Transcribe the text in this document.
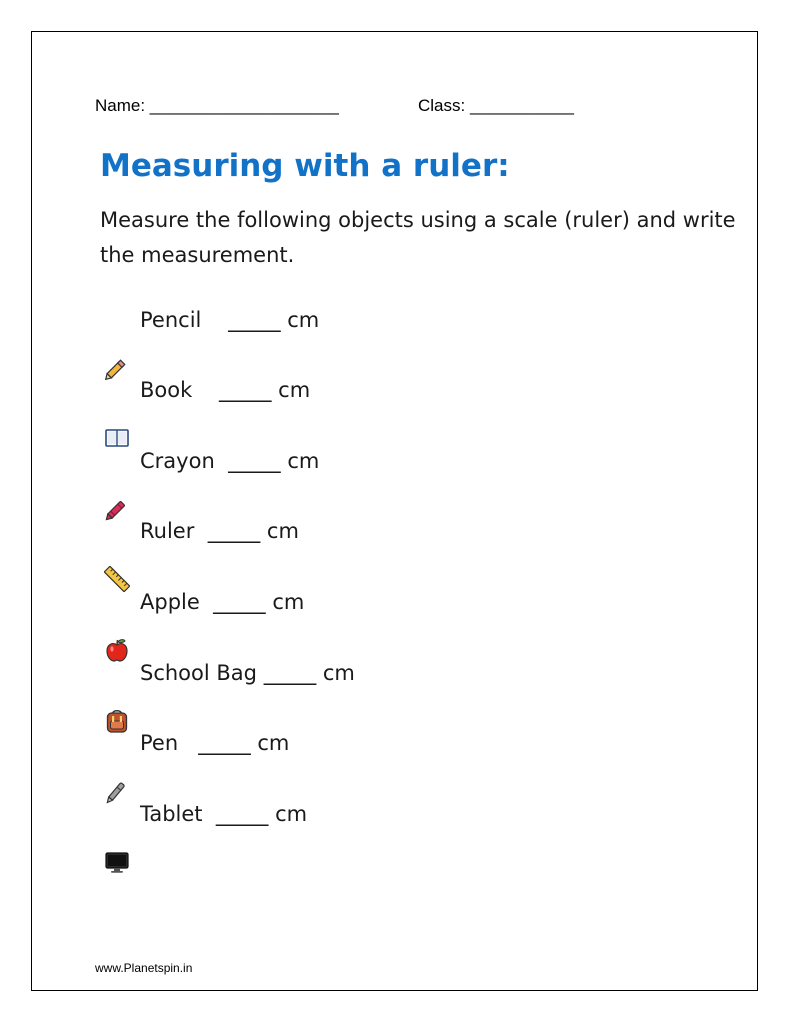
Name: ____________________	Class: ___________
Measuring with a ruler:
Measure the following objects using a scale (ruler) and write the measurement.

Pencil
_____
cm

Book
_____
cm

Crayon
_____
cm

Ruler
_____
cm

Apple
_____
cm

School Bag
_____
cm

Pen
_____
cm

Tablet
_____
cm
www.Planetspin.in
